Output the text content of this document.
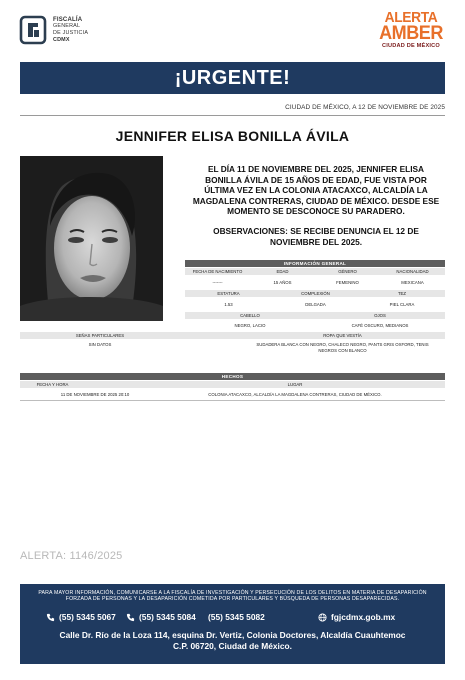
FISCALÍA
GENERAL
DE JUSTICIA
CDMX
ALERTA
AMBER
CIUDAD DE MÉXICO
¡URGENTE!
CIUDAD DE MÉXICO, A 12 DE NOVIEMBRE DE 2025
JENNIFER ELISA BONILLA ÁVILA
EL DÍA 11 DE NOVIEMBRE DEL 2025, JENNIFER ELISA BONILLA ÁVILA DE 15 AÑOS DE EDAD, FUE VISTA POR ÚLTIMA VEZ EN LA COLONIA ATACAXCO, ALCALDÍA LA MAGDALENA CONTRERAS, CIUDAD DE MÉXICO. DESDE ESE MOMENTO SE DESCONOCE SU PARADERO.
OBSERVACIONES: SE RECIBE DENUNCIA EL 12 DE NOVIEMBRE DEL 2025.
INFORMACIÓN GENERAL
FECHA DE NACIMIENTO	EDAD	GÉNERO	NACIONALIDAD
-------	15 AÑOS	FEMENINO	MEXICANA
ESTATURA	COMPLEXIÓN	TEZ
1.53	DELGADA	PIEL CLARA
CABELLO	OJOS
NEGRO, LACIO	CAFÉ OSCURO, MEDIANOS
SEÑAS PARTICULARES	ROPA QUE VESTÍA
SIN DATOS	SUDADERA BLANCA CON NEGRO, CHALECO NEGRO, PANTS GRIS OXFORD, TENIS
NEGROS CON BLANCO
HECHOS
FECHA Y HORA	LUGAR
11 DE NOVIEMBRE DE 2025 20:10	COLONIA ATACAXCO, ALCALDÍA LA MAGDALENA CONTRERAS, CIUDAD DE MÉXICO.
ALERTA: 1146/2025
PARA MAYOR INFORMACIÓN, COMUNICARSE A LA FISCALÍA DE INVESTIGACIÓN Y PERSECUCIÓN DE LOS DELITOS EN MATERIA DE DESAPARICIÓN FORZADA DE PERSONAS Y LA DESAPARICIÓN COMETIDA POR PARTICULARES Y BÚSQUEDA DE PERSONAS DESAPARECIDAS.
(55) 5345 5067	(55) 5345 5084 (55) 5345 5082	fgjcdmx.gob.mx
Calle Dr. Río de la Loza 114, esquina Dr. Vertiz, Colonia Doctores, Alcaldía Cuauhtemoc
C.P. 06720, Ciudad de México.
